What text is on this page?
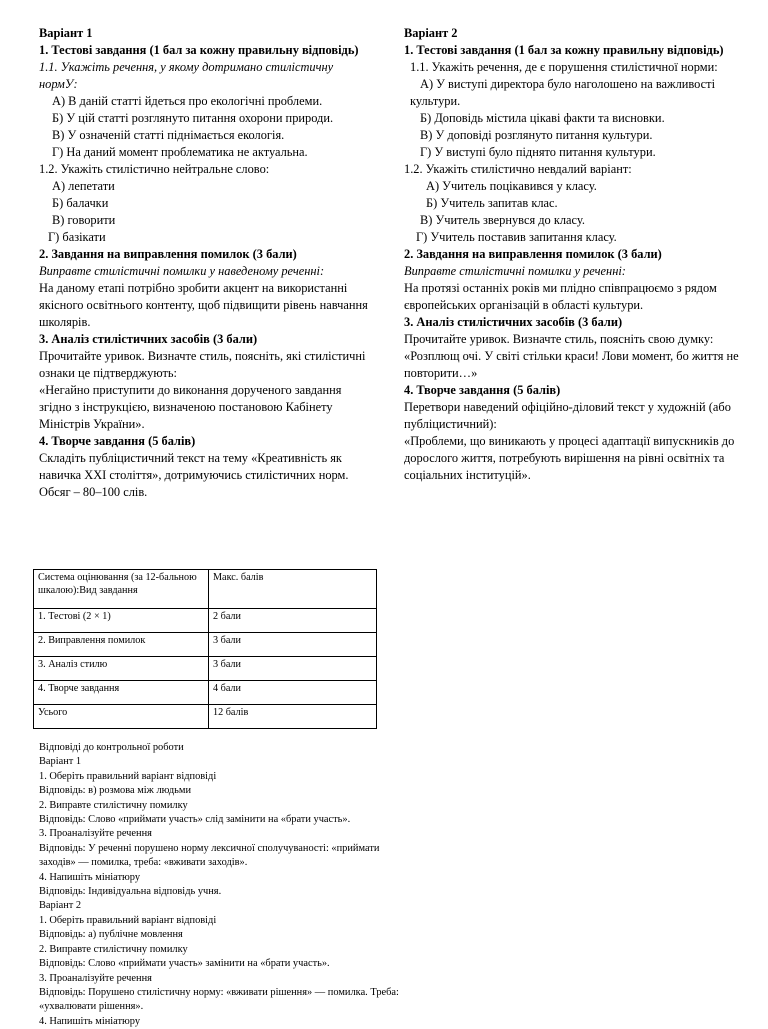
Варіант 1

1. Тестові завдання (1 бал за кожну правильну відповідь)

1.1. Укажіть речення, у якому дотримано стилістичну нормУ:

А) В даній статті йдеться про екологічні проблеми.

Б) У цій статті розглянуто питання охорони природи.

В) У означеній статті піднімається екологія.

Г) На даний момент проблематика не актуальна.

1.2. Укажіть стилістично нейтральне слово:

А) лепетати

Б) балачки

В) говорити

Г) базікати

2. Завдання на виправлення помилок (3 бали)

Виправте стилістичні помилки у наведеному реченні:

На даному етапі потрібно зробити акцент на використанні якісного освітнього контенту, щоб підвищити рівень навчання школярів.

3. Аналіз стилістичних засобів (3 бали)

Прочитайте уривок. Визначте стиль, поясніть, які стилістичні ознаки це підтверджують:

«Негайно приступити до виконання дорученого завдання згідно з інструкцією, визначеною постановою Кабінету Міністрів України».

4. Творче завдання (5 балів)

Складіть публіцистичний текст на тему «Креативність як навичка XXI століття», дотримуючись стилістичних норм. Обсяг – 80–100 слів.

Варіант 2

1. Тестові завдання (1 бал за кожну правильну відповідь)

1.1. Укажіть речення, де є порушення стилістичної норми:

А) У виступі директора було наголошено на важливості культури.

Б) Доповідь містила цікаві факти та висновки.

В) У доповіді розглянуто питання культури.

Г) У виступі було піднято питання культури.

1.2. Укажіть стилістично невдалий варіант:

А) Учитель поцікавився у класу.

Б) Учитель запитав клас.

В) Учитель звернувся до класу.

Г) Учитель поставив запитання класу.

2. Завдання на виправлення помилок (3 бали)

Виправте стилістичні помилки у реченні:

На протязі останніх років ми плідно співпрацюємо з рядом європейських організацій в області культури.

3. Аналіз стилістичних засобів (3 бали)

Прочитайте уривок. Визначте стиль, поясніть свою думку:

«Розплющ очі. У світі стільки краси! Лови момент, бо життя не повторити…»

4. Творче завдання (5 балів)

Перетвори наведений офіційно-діловий текст у художній (або публіцистичний):

«Проблеми, що виникають у процесі адаптації випускників до дорослого життя, потребують вирішення на рівні освітніх та соціальних інституцій».

Система оцінювання (за 12-бальною шкалою):Вид завдання	Макс. балів
1. Тестові (2 × 1)	2 бали
2. Виправлення помилок	3 бали
3. Аналіз стилю	3 бали
4. Творче завдання	4 бали
Усього	12 балів

Відповіді до контрольної роботи

Варіант 1

1. Оберіть правильний варіант відповіді

Відповідь: в) розмова між людьми

2. Виправте стилістичну помилку

Відповідь: Слово «приймати участь» слід замінити на «брати участь».

3. Проаналізуйте речення

Відповідь: У реченні порушено норму лексичної сполучуваності: «приймати заходів» — помилка, треба: «вживати заходів».

4. Напишіть мініатюру

Відповідь: Індивідуальна відповідь учня.

Варіант 2

1. Оберіть правильний варіант відповіді

Відповідь: а) публічне мовлення

2. Виправте стилістичну помилку

Відповідь: Слово «приймати участь» замінити на «брати участь».

3. Проаналізуйте речення

Відповідь: Порушено стилістичну норму: «вживати рішення» — помилка. Треба: «ухвалювати рішення».

4. Напишіть мініатюру
